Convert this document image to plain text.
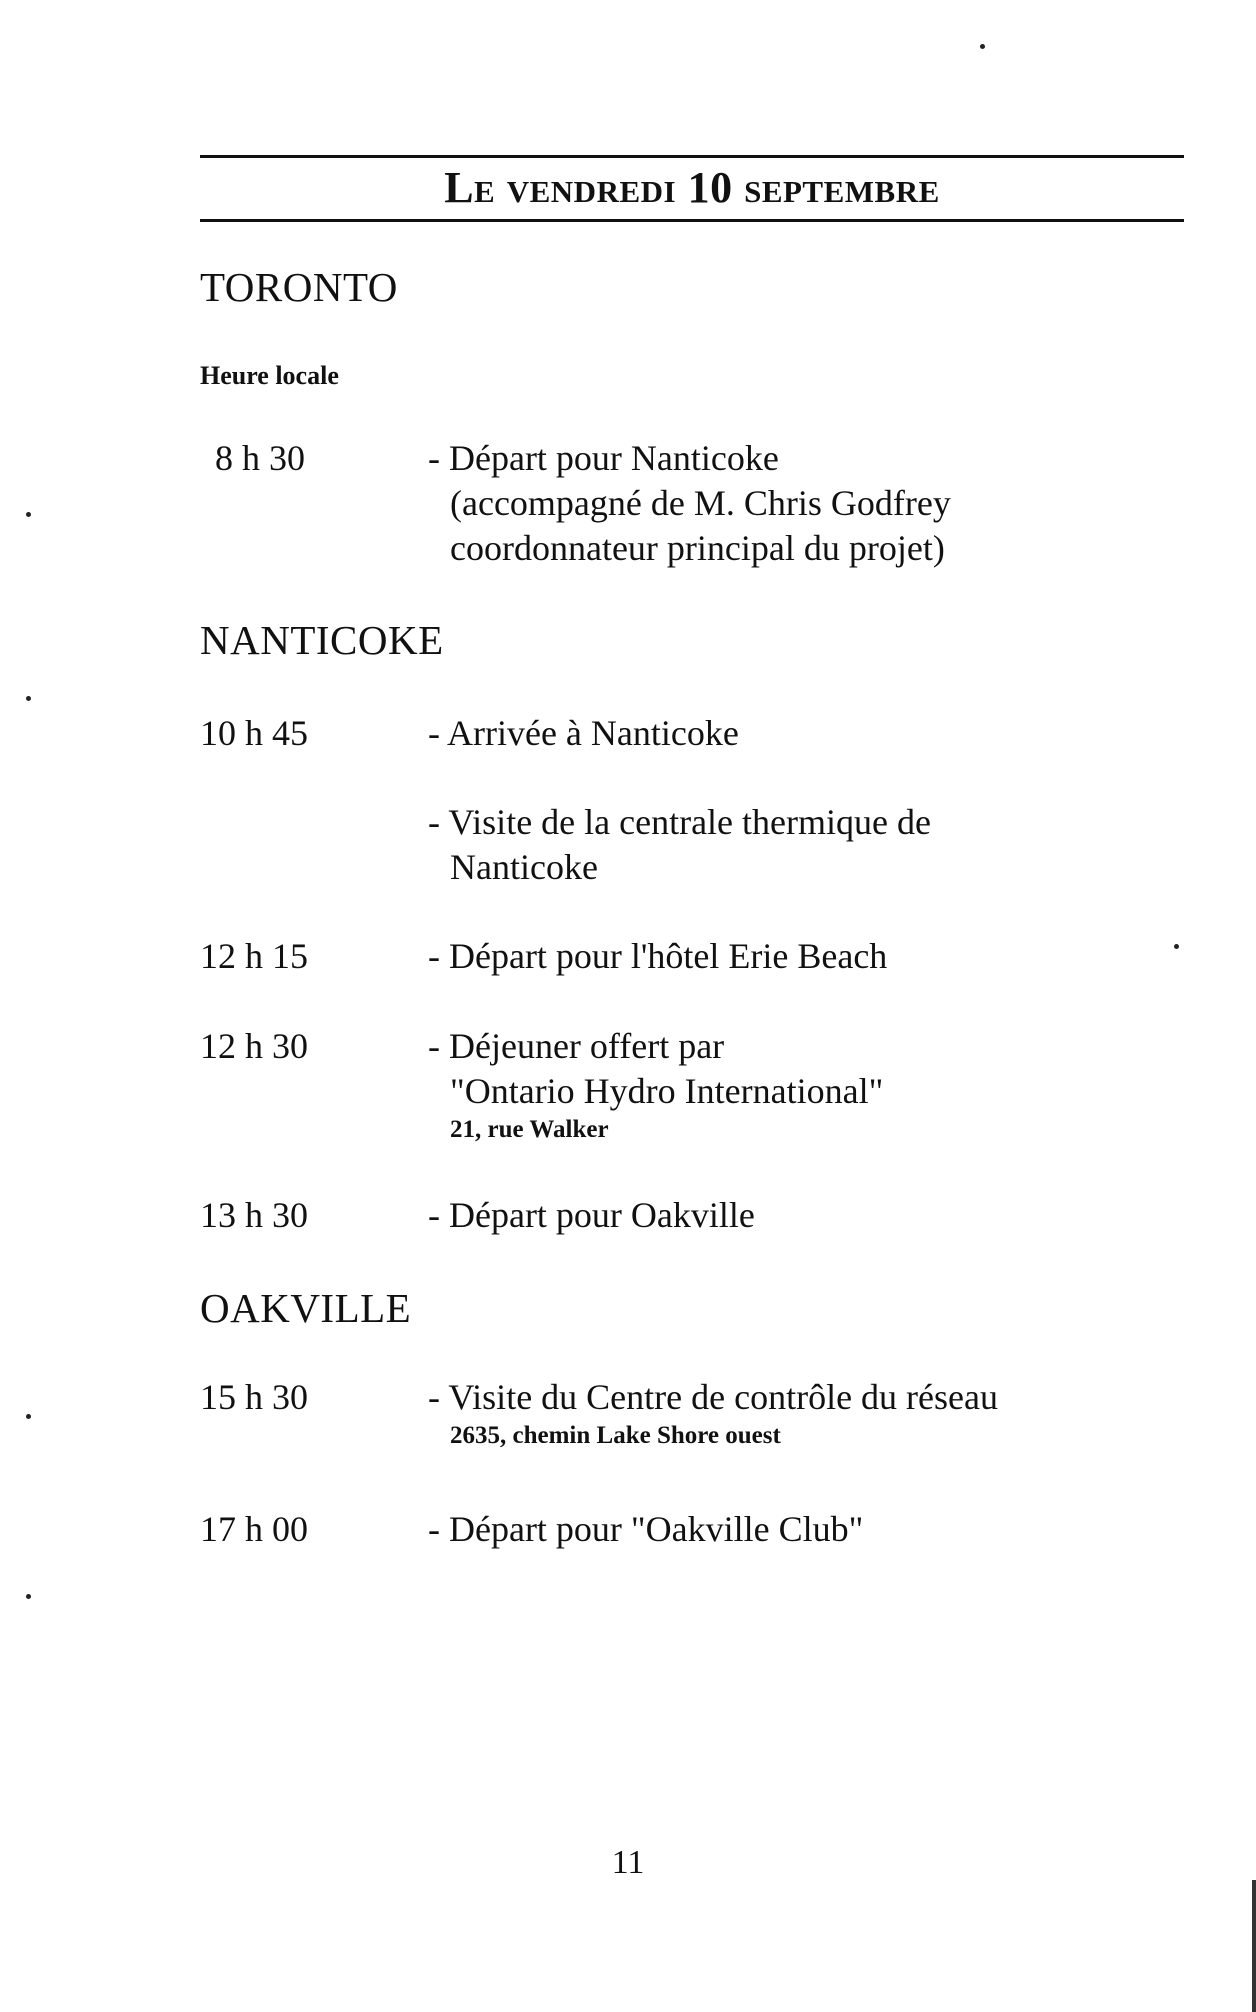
Le vendredi 10 septembre
TORONTO
Heure locale
8 h 30	- Départ pour Nanticoke
(accompagné de M. Chris Godfrey
coordonnateur principal du projet)
NANTICOKE
10 h 45	- Arrivée à Nanticoke
- Visite de la centrale thermique de
Nanticoke
12 h 15	- Départ pour l'hôtel Erie Beach
12 h 30	- Déjeuner offert par
"Ontario Hydro International"
21, rue Walker
13 h 30	- Départ pour Oakville
OAKVILLE
15 h 30	- Visite du Centre de contrôle du réseau
2635, chemin Lake Shore ouest
17 h 00	- Départ pour "Oakville Club"
11
